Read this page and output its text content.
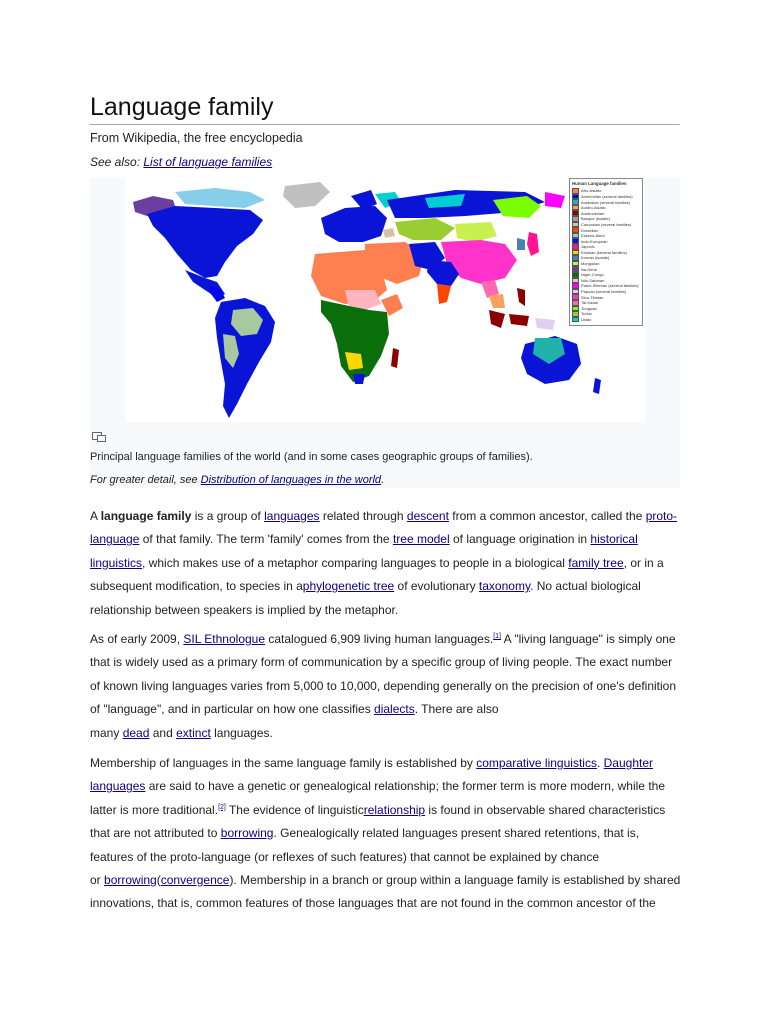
Language family
From Wikipedia, the free encyclopedia
See also: List of language families
Human Language families
Afro-Asiatic
Amerindian (several families)
Australian (several families)
Austro-Asiatic
Austronesian
Basque (isolate)
Caucasian (several families)
Dravidian
Eskimo-Aleut
Indo-European
Japonic
Khoisan (several families)
Korean (isolate)
Mongolian
Na-Dene
Niger-Congo
Nilo-Saharan
Paleo-Siberian (several families)
Papuan (several families)
Sino-Tibetan
Tai-Kadai
Tungusic
Turkic
Uralic
Principal language families of the world (and in some cases geographic groups of families).
For greater detail, see Distribution of languages in the world.
A language family is a group of languages related through descent from a common ancestor, called the proto-
language of that family. The term 'family' comes from the tree model of language origination in historical
linguistics, which makes use of a metaphor comparing languages to people in a biological family tree, or in a
subsequent modification, to species in aphylogenetic tree of evolutionary taxonomy. No actual biological
relationship between speakers is implied by the metaphor.
As of early 2009, SIL Ethnologue catalogued 6,909 living human languages.[1] A "living language" is simply one
that is widely used as a primary form of communication by a specific group of living people. The exact number
of known living languages varies from 5,000 to 10,000, depending generally on the precision of one's definition
of "language", and in particular on how one classifies dialects. There are also
many dead and extinct languages.
Membership of languages in the same language family is established by comparative linguistics. Daughter
languages are said to have a genetic or genealogical relationship; the former term is more modern, while the
latter is more traditional.[2] The evidence of linguisticrelationship is found in observable shared characteristics
that are not attributed to borrowing. Genealogically related languages present shared retentions, that is,
features of the proto-language (or reflexes of such features) that cannot be explained by chance
or borrowing(convergence). Membership in a branch or group within a language family is established by shared
innovations, that is, common features of those languages that are not found in the common ancestor of the
